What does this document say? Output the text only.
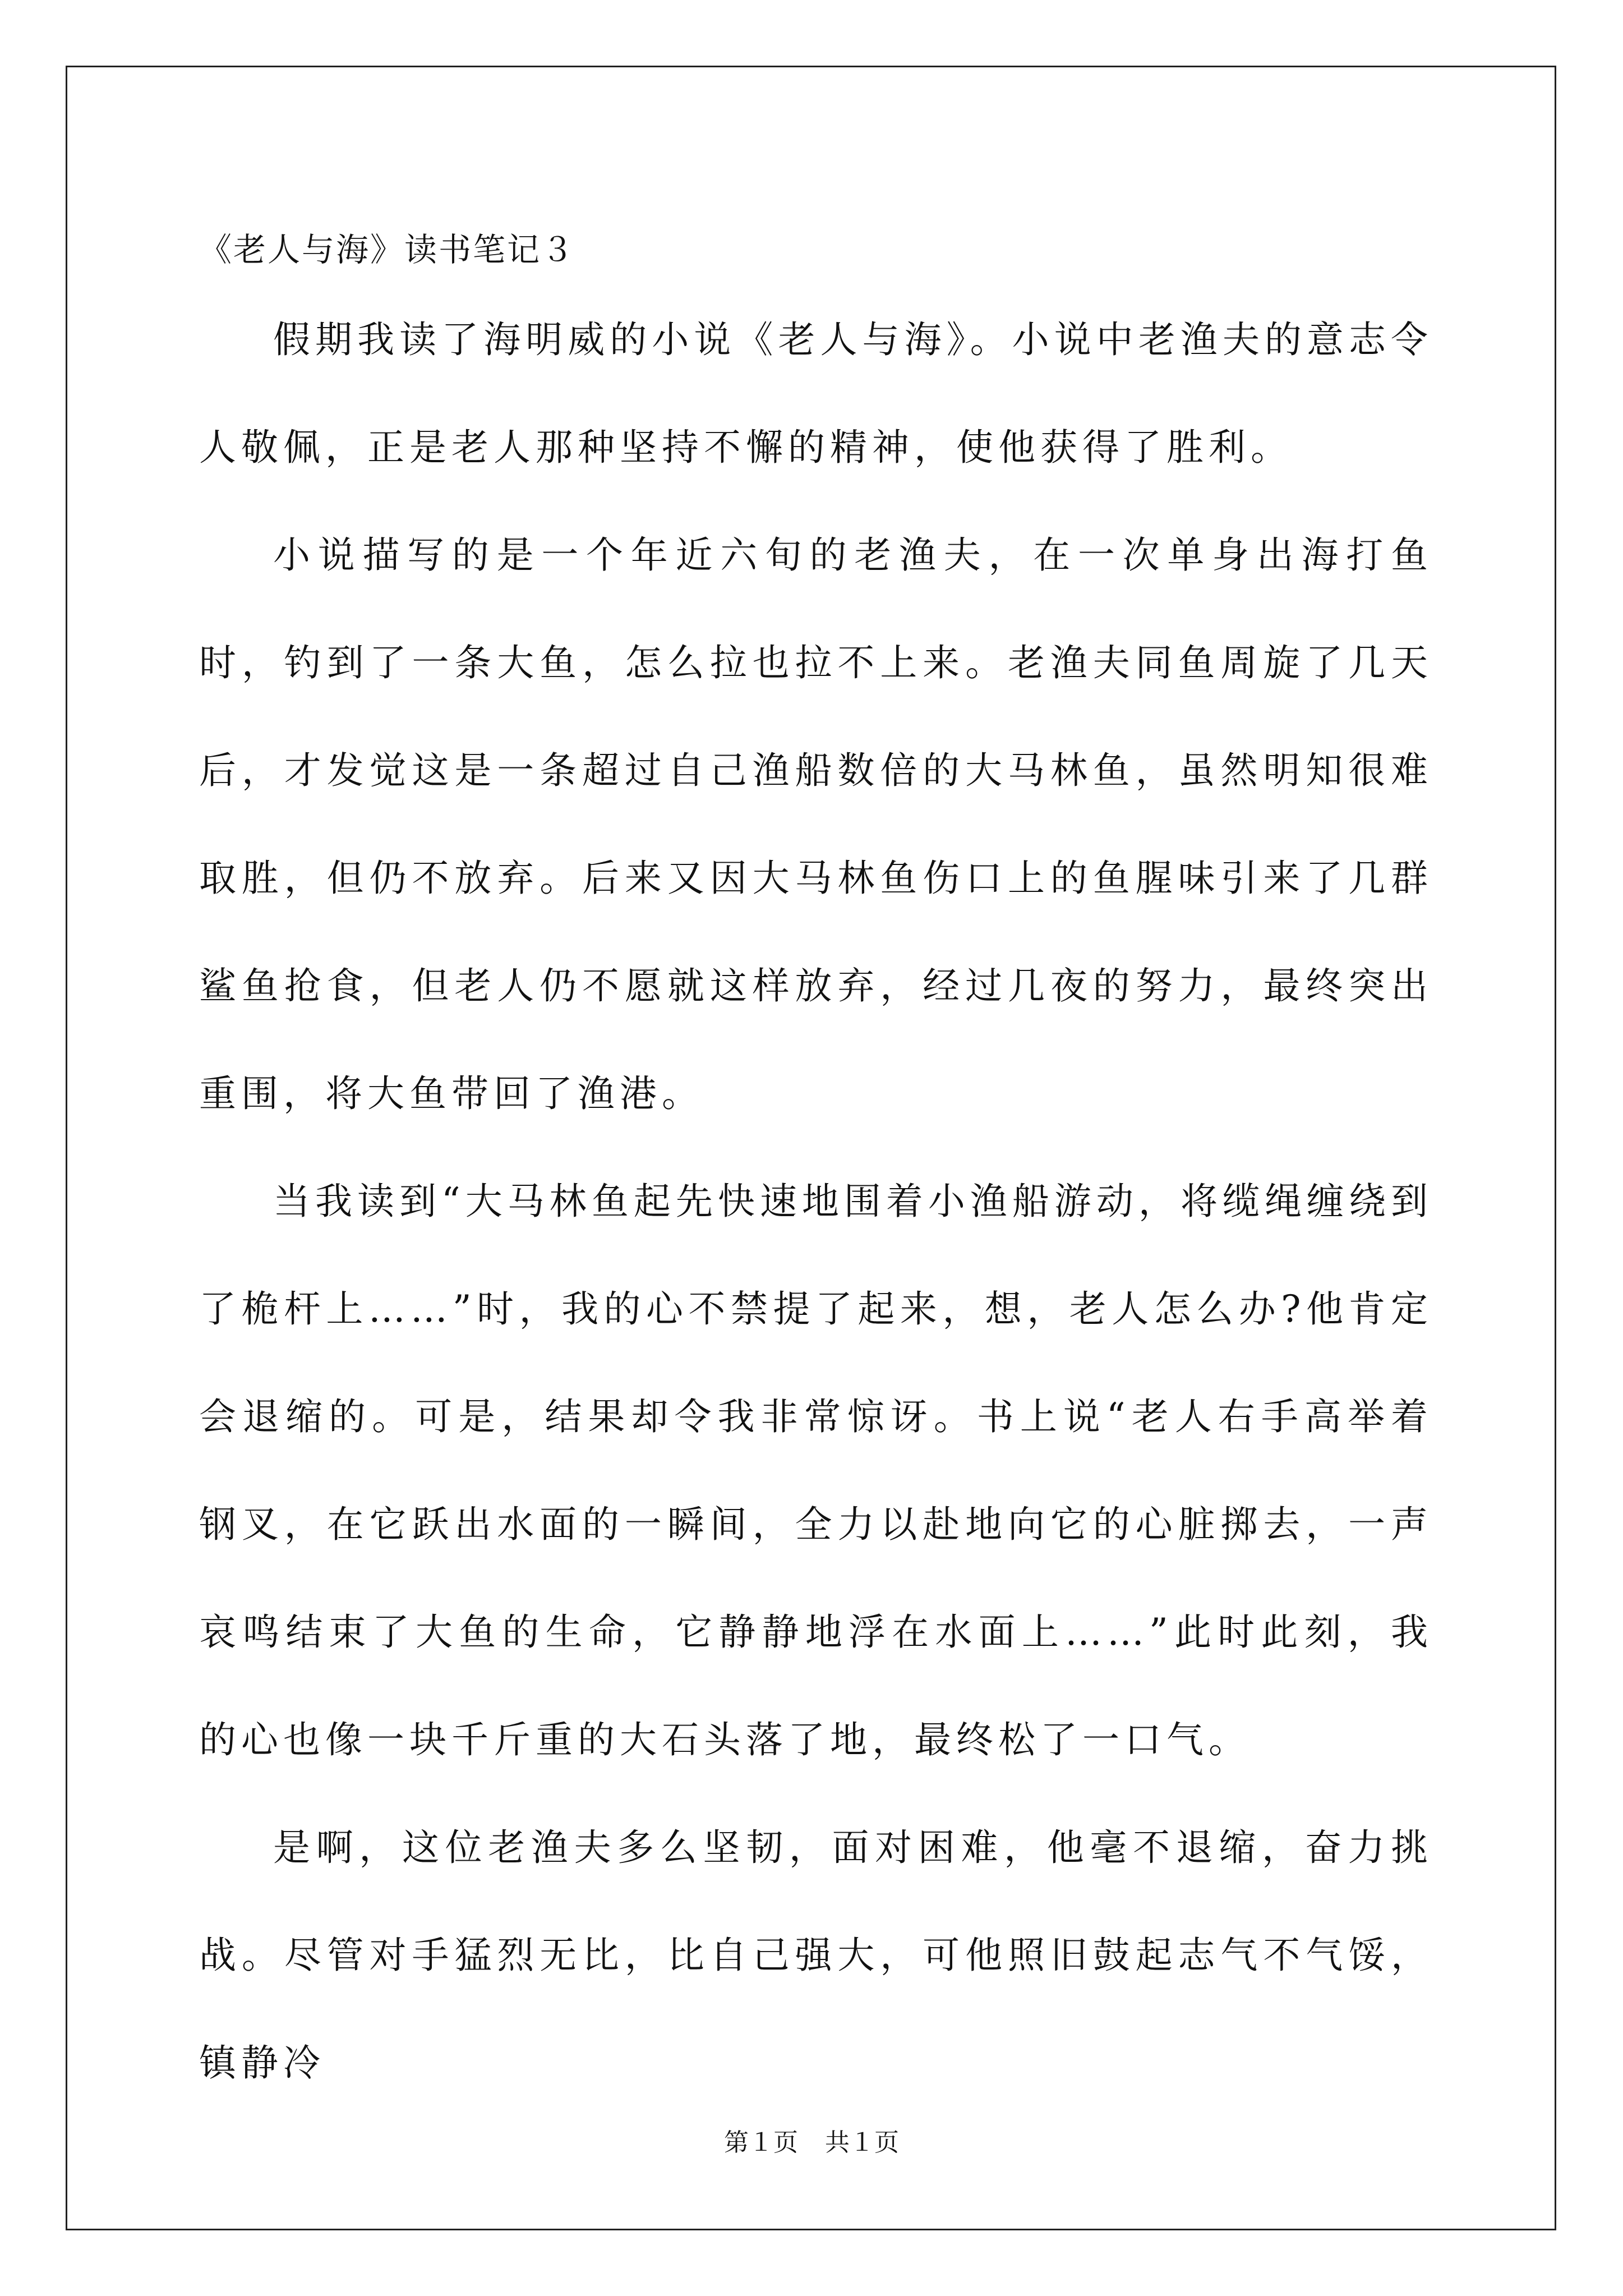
《老人与海》读书笔记３

假期我读了海明威的小说《老人与海》。小说中老渔夫的意志令人敬佩，正是老人那种坚持不懈的精神，使他获得了胜利。

小说描写的是一个年近六旬的老渔夫，在一次单身出海打鱼时，钓到了一条大鱼，怎么拉也拉不上来。老渔夫同鱼周旋了几天后，才发觉这是一条超过自己渔船数倍的大马林鱼，虽然明知很难取胜，但仍不放弃。后来又因大马林鱼伤口上的鱼腥味引来了几群鲨鱼抢食，但老人仍不愿就这样放弃，经过几夜的努力，最终突出重围，将大鱼带回了渔港。

当我读到“大马林鱼起先快速地围着小渔船游动，将缆绳缠绕到了桅杆上……”时，我的心不禁提了起来，想，老人怎么办?他肯定会退缩的。可是，结果却令我非常惊讶。书上说“老人右手高举着钢叉，在它跃出水面的一瞬间，全力以赴地向它的心脏掷去，一声哀鸣结束了大鱼的生命，它静静地浮在水面上……”此时此刻，我的心也像一块千斤重的大石头落了地，最终松了一口气。

是啊，这位老渔夫多么坚韧，面对困难，他毫不退缩，奋力挑战。尽管对手猛烈无比，比自己强大，可他照旧鼓起志气不气馁，镇静冷

第１页 共１页
